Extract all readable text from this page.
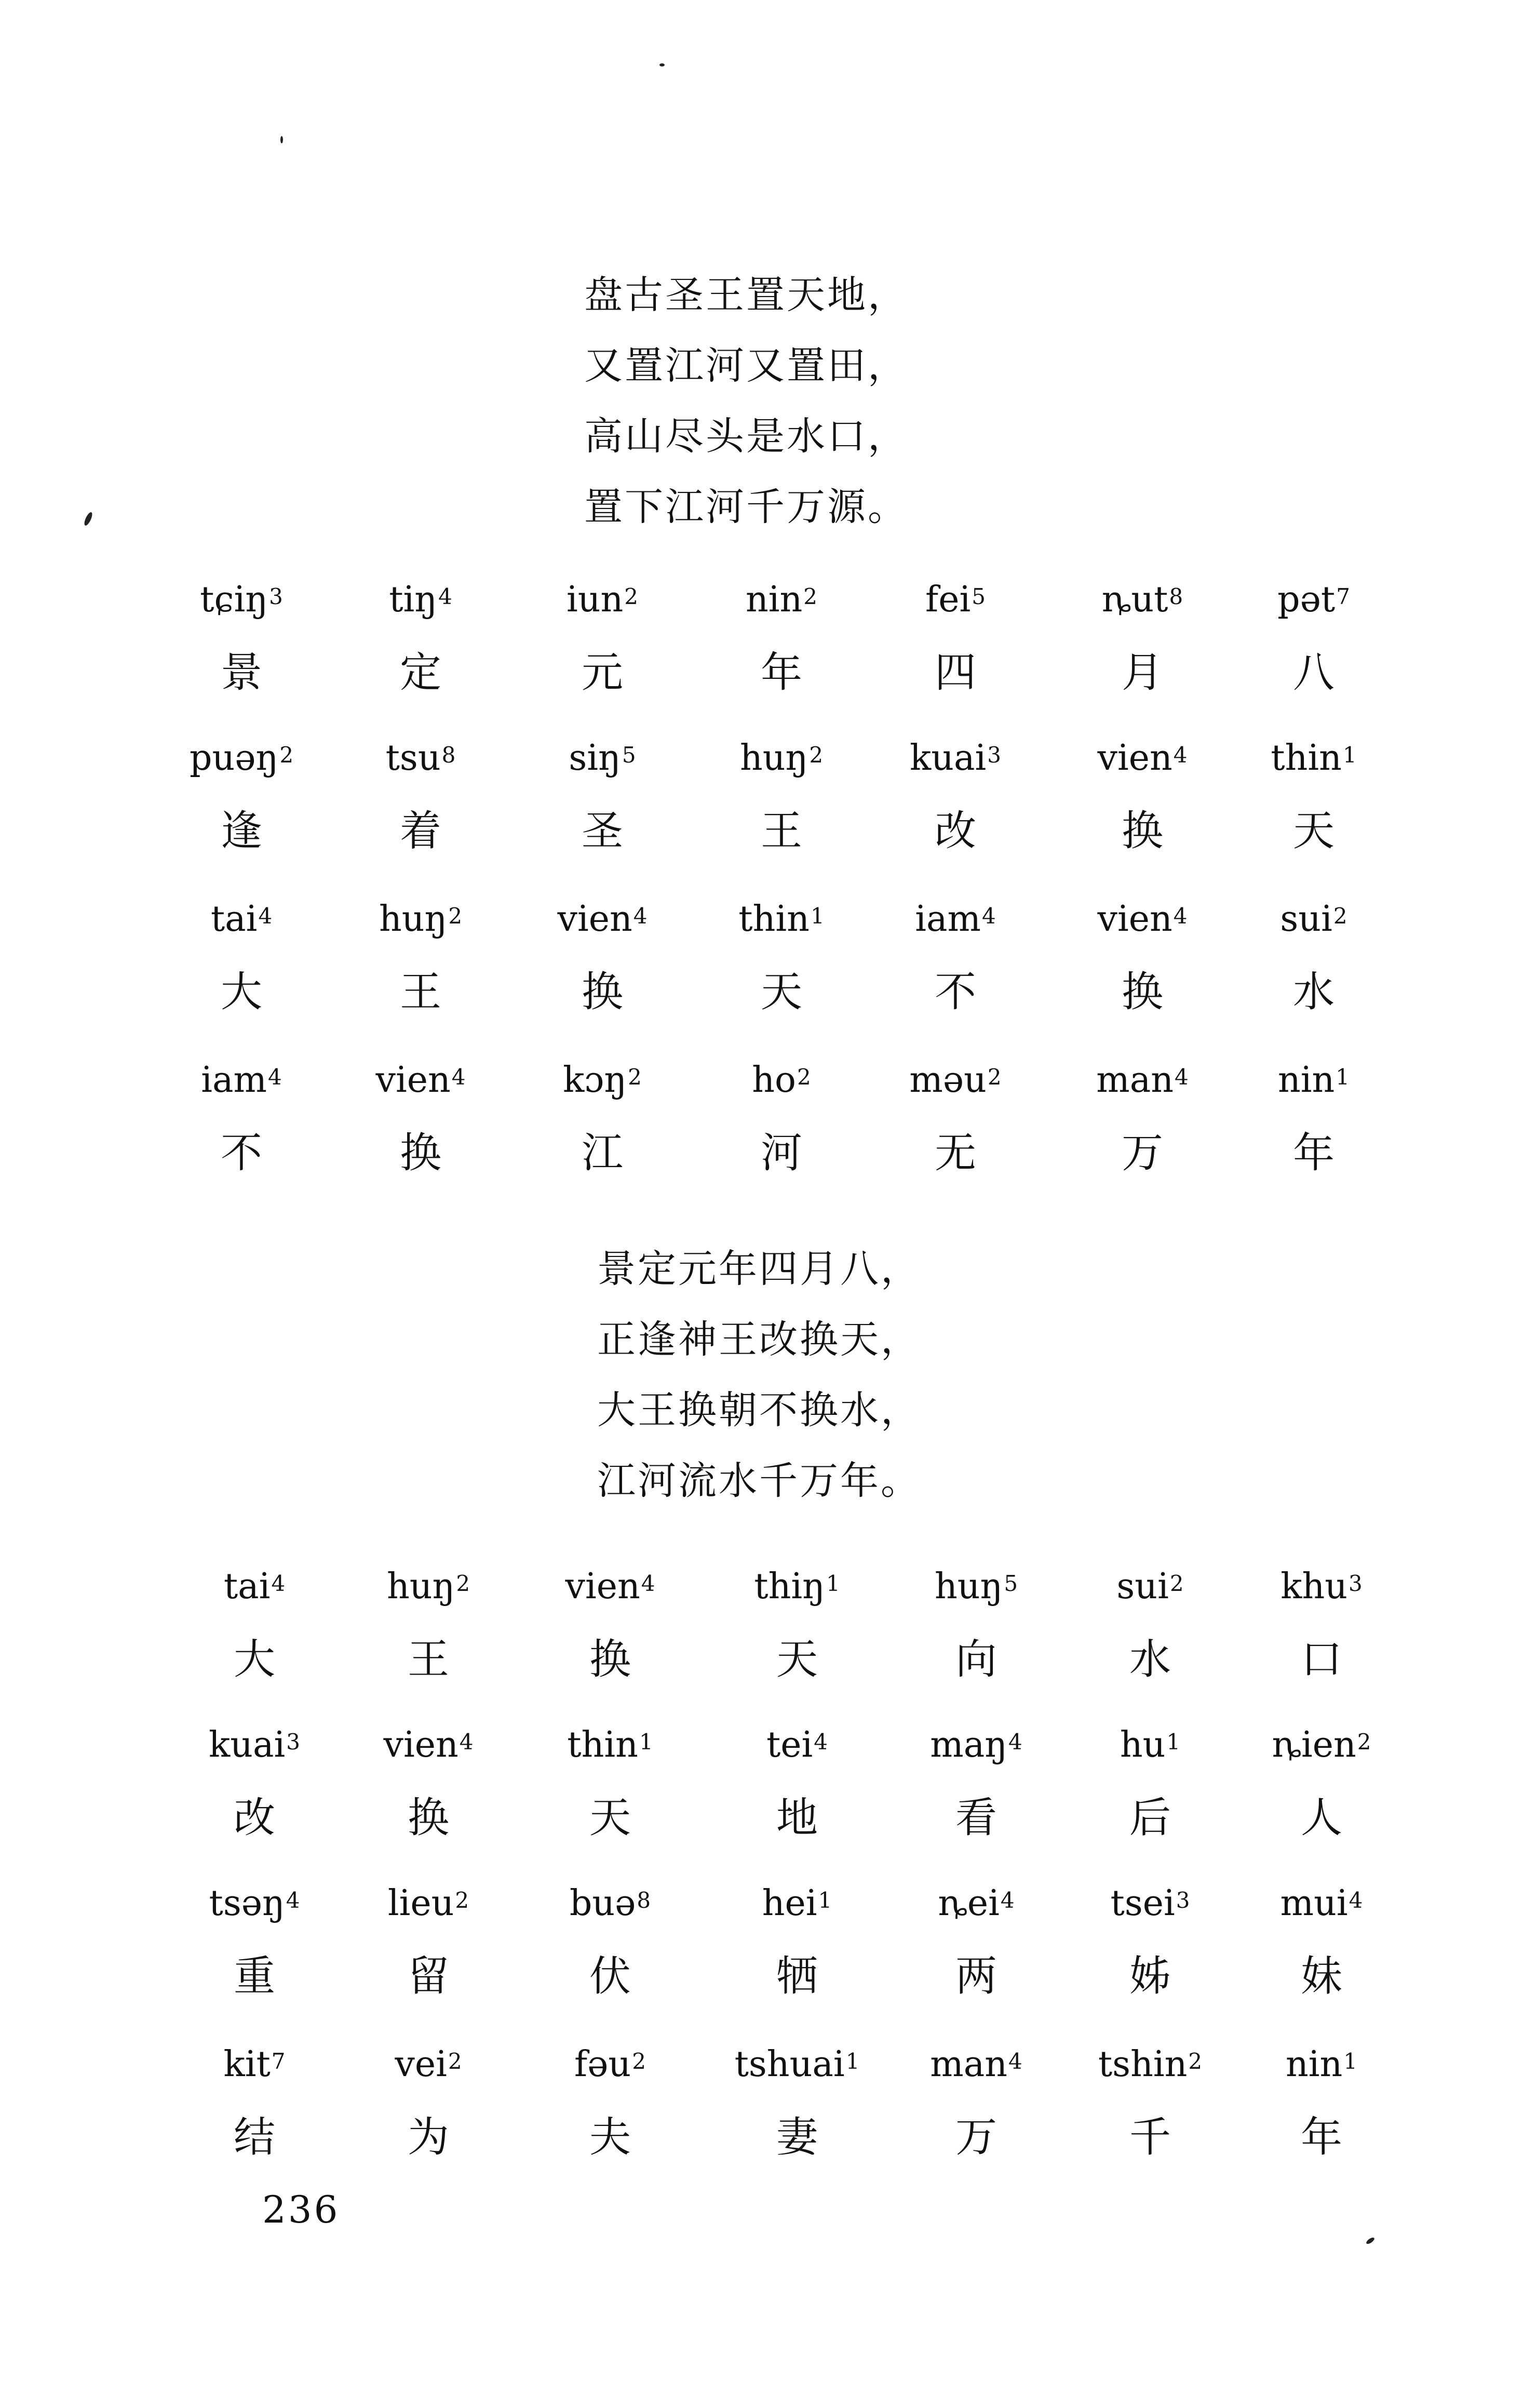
盘古圣王置天地，
又置江河又置田，
高山尽头是水口，
置下江河千万源。
景定元年四月八，
正逢神王改换天，
大王换朝不换水，
江河流水千万年。
tɕiŋ$^3$
景
tiŋ$^4$
定
iun$^2$
元
nin$^2$
年
fei$^5$
四
ȵut$^8$
月
pət$^7$
八
puəŋ$^2$
逢
tsu$^8$
着
siŋ$^5$
圣
huŋ$^2$
王
kuai$^3$
改
vien$^4$
换
thin$^1$
天
tai$^4$
大
huŋ$^2$
王
vien$^4$
换
thin$^1$
天
iam$^4$
不
vien$^4$
换
sui$^2$
水
iam$^4$
不
vien$^4$
换
kɔŋ$^2$
江
$ho^2$
河
məu$^2$
无
man$^4$
万
nin$^1$
年
tai$^4$
大
huŋ$^2$
王
vien$^4$
换
thiŋ$^1$
天
huŋ$^5$
向
sui$^2$
水
khu$^3$
口
kuai$^3$
改
vien$^4$
换
thin$^1$
天
tei$^4$
地
maŋ$^4$
看
$hu^1$
后
ȵien$^2$
人
tsəŋ$^4$
重
lieu$^2$
留
buə$^8$
伏
hei$^1$
牺
ȵei$^4$
两
tsei$^3$
姊
mui$^4$
妹
kit$^7$
结
vei$^2$
为
fəu$^2$
夫
tshuai$^1$
妻
man$^4$
万
tshin$^2$
千
nin$^1$
年
236
